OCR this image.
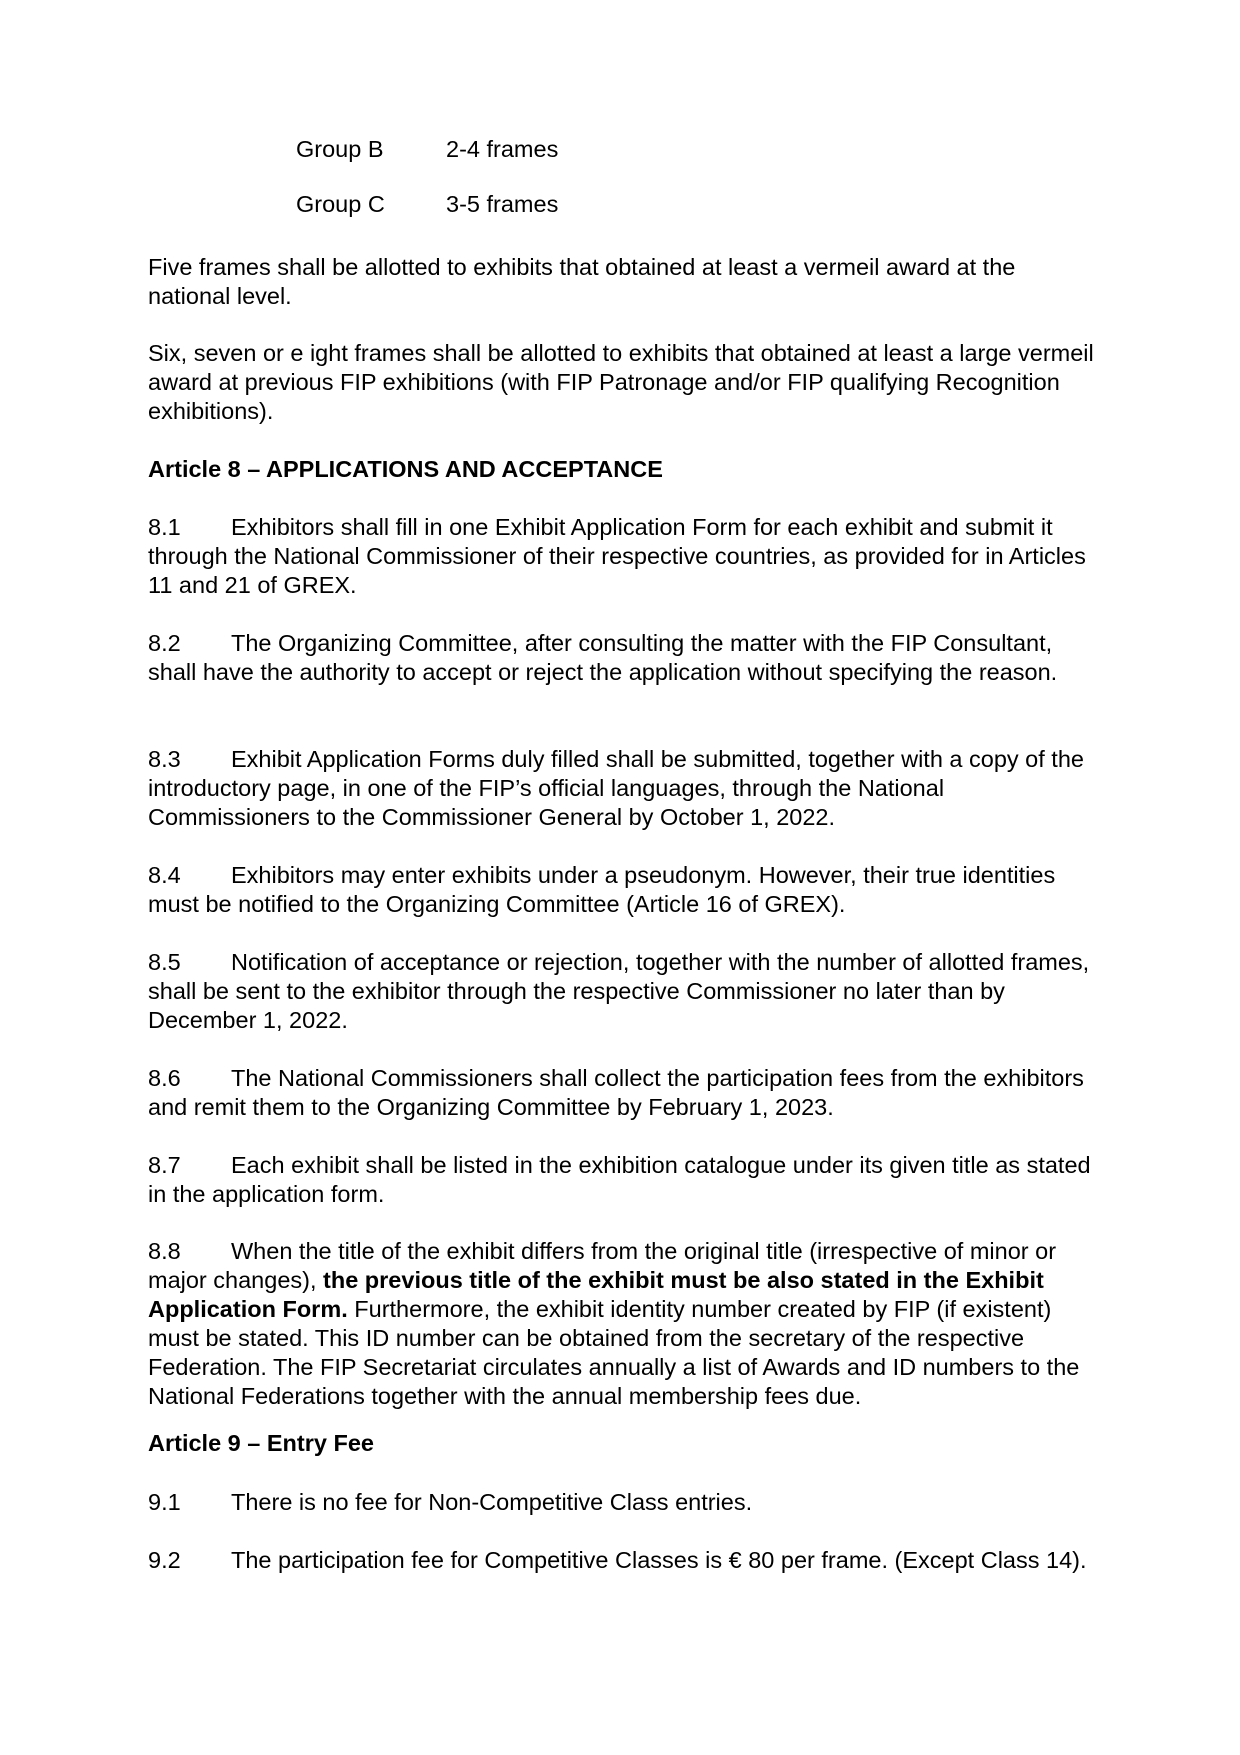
Group B	2-4 frames
Group C	3-5 frames

Five frames shall be allotted to exhibits that obtained at least a vermeil award at the national level.

Six, seven or e ight frames shall be allotted to exhibits that obtained at least a large vermeil award at previous FIP exhibitions (with FIP Patronage and/or FIP qualifying Recognition exhibitions).

Article 8 – APPLICATIONS AND ACCEPTANCE
8.1 Exhibitors shall fill in one Exhibit Application Form for each exhibit and submit it through the National Commissioner of their respective countries, as provided for in Articles 11 and 21 of GREX.
8.2 The Organizing Committee, after consulting the matter with the FIP Consultant, shall have the authority to accept or reject the application without specifying the reason.
8.3 Exhibit Application Forms duly filled shall be submitted, together with a copy of the introductory page, in one of the FIP’s official languages, through the National Commissioners to the Commissioner General by October 1, 2022.
8.4 Exhibitors may enter exhibits under a pseudonym. However, their true identities must be notified to the Organizing Committee (Article 16 of GREX).
8.5 Notification of acceptance or rejection, together with the number of allotted frames, shall be sent to the exhibitor through the respective Commissioner no later than by December 1, 2022.
8.6 The National Commissioners shall collect the participation fees from the exhibitors and remit them to the Organizing Committee by February 1, 2023.
8.7 Each exhibit shall be listed in the exhibition catalogue under its given title as stated in the application form.
8.8 When the title of the exhibit differs from the original title (irrespective of minor or major changes), the previous title of the exhibit must be also stated in the Exhibit Application Form. Furthermore, the exhibit identity number created by FIP (if existent) must be stated. This ID number can be obtained from the secretary of the respective Federation. The FIP Secretariat circulates annually a list of Awards and ID numbers to the National Federations together with the annual membership fees due.
Article 9 – Entry Fee
9.1	There is no fee for Non-Competitive Class entries.
9.2	The participation fee for Competitive Classes is € 80 per frame. (Except Class 14).
